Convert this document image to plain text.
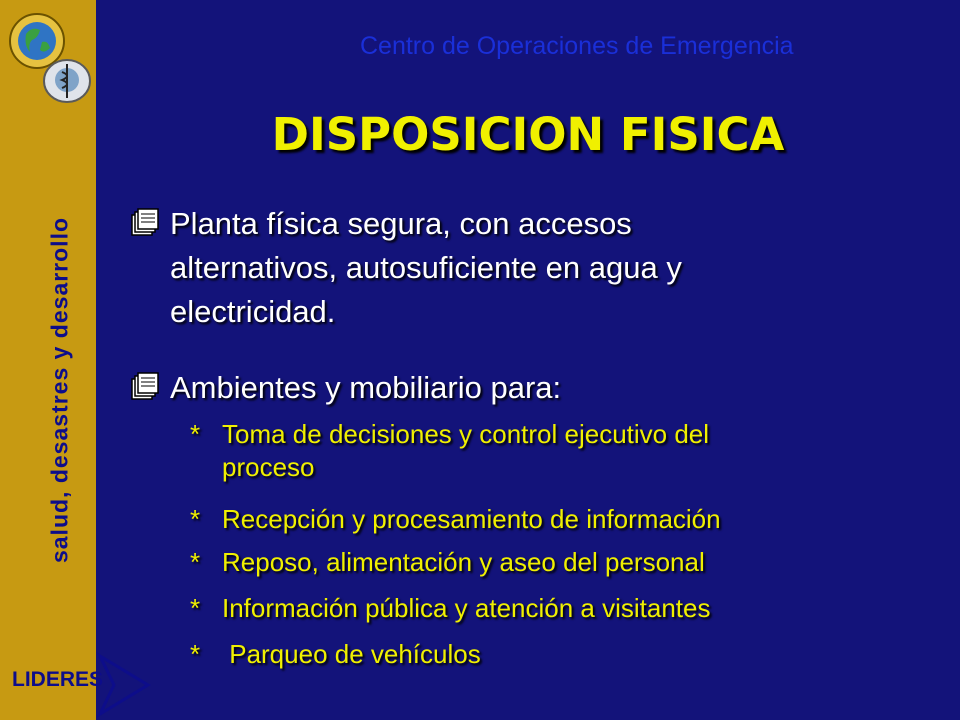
salud, desastres y desarrollo
Centro de Operaciones de Emergencia
DISPOSICION FISICA
Planta física segura, con accesos
alternativos, autosuficiente en agua y
electricidad.
Ambientes y mobiliario para:
* Toma de decisiones y control ejecutivo del
proceso
* Recepción y procesamiento de información
* Reposo, alimentación y aseo del personal
* Información pública y atención a visitantes
* Parqueo de vehículos
LIDERES
